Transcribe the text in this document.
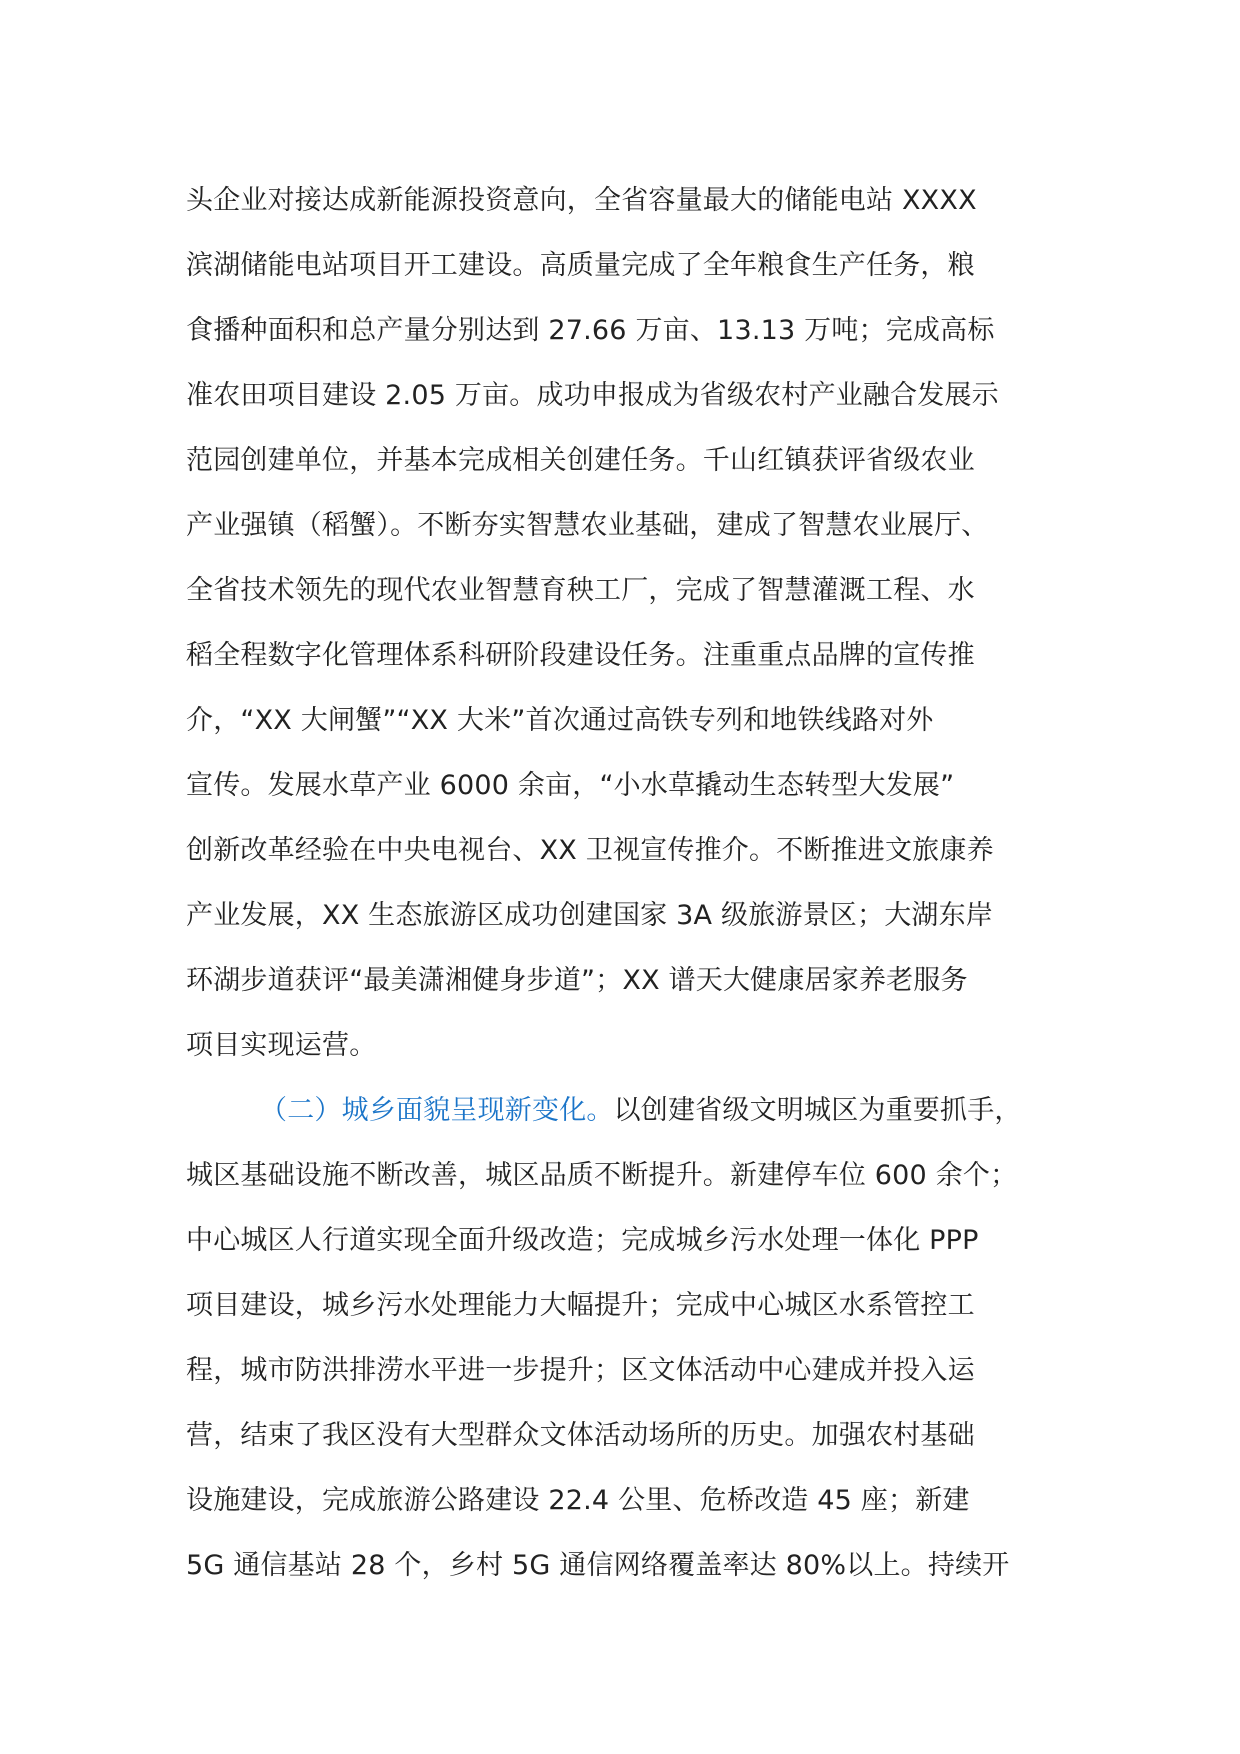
头企业对接达成新能源投资意向，全省容量最大的储能电站 XXXX
滨湖储能电站项目开工建设。高质量完成了全年粮食生产任务，粮
食播种面积和总产量分别达到 27.66 万亩、13.13 万吨；完成高标
准农田项目建设 2.05 万亩。成功申报成为省级农村产业融合发展示
范园创建单位，并基本完成相关创建任务。千山红镇获评省级农业
产业强镇（稻蟹）。不断夯实智慧农业基础，建成了智慧农业展厅、
全省技术领先的现代农业智慧育秧工厂，完成了智慧灌溉工程、水
稻全程数字化管理体系科研阶段建设任务。注重重点品牌的宣传推
介，“XX 大闸蟹”“XX 大米”首次通过高铁专列和地铁线路对外
宣传。发展水草产业 6000 余亩，“小水草撬动生态转型大发展”
创新改革经验在中央电视台、XX 卫视宣传推介。不断推进文旅康养
产业发展，XX 生态旅游区成功创建国家 3A 级旅游景区；大湖东岸
环湖步道获评“最美潇湘健身步道”；XX 谱天大健康居家养老服务
项目实现运营。
（二）城乡面貌呈现新变化。以创建省级文明城区为重要抓手，
城区基础设施不断改善，城区品质不断提升。新建停车位 600 余个；
中心城区人行道实现全面升级改造；完成城乡污水处理一体化 PPP
项目建设，城乡污水处理能力大幅提升；完成中心城区水系管控工
程，城市防洪排涝水平进一步提升；区文体活动中心建成并投入运
营，结束了我区没有大型群众文体活动场所的历史。加强农村基础
设施建设，完成旅游公路建设 22.4 公里、危桥改造 45 座；新建
5G 通信基站 28 个，乡村 5G 通信网络覆盖率达 80%以上。持续开
